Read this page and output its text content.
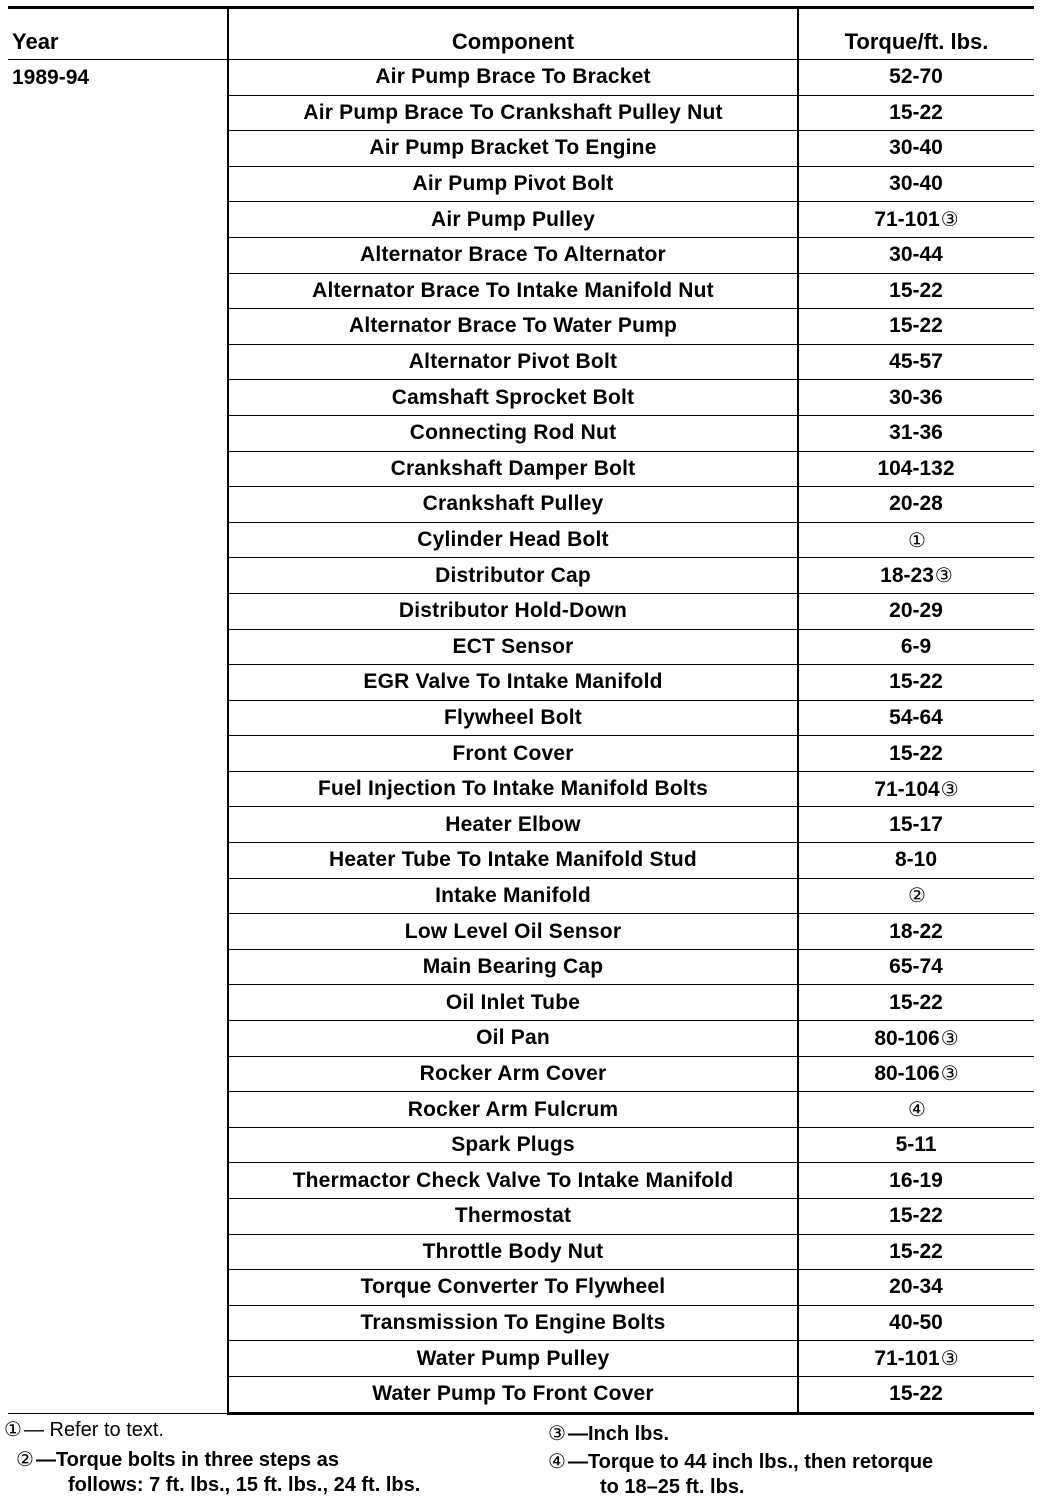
Year	Component	Torque/ft. lbs.
1989-94	Air Pump Brace To Bracket	52-70
	Air Pump Brace To Crankshaft Pulley Nut	15-22
	Air Pump Bracket To Engine	30-40
	Air Pump Pivot Bolt	30-40
	Air Pump Pulley	71-101③
	Alternator Brace To Alternator	30-44
	Alternator Brace To Intake Manifold Nut	15-22
	Alternator Brace To Water Pump	15-22
	Alternator Pivot Bolt	45-57
	Camshaft Sprocket Bolt	30-36
	Connecting Rod Nut	31-36
	Crankshaft Damper Bolt	104-132
	Crankshaft Pulley	20-28
	Cylinder Head Bolt	①
	Distributor Cap	18-23③
	Distributor Hold-Down	20-29
	ECT Sensor	6-9
	EGR Valve To Intake Manifold	15-22
	Flywheel Bolt	54-64
	Front Cover	15-22
	Fuel Injection To Intake Manifold Bolts	71-104③
	Heater Elbow	15-17
	Heater Tube To Intake Manifold Stud	8-10
	Intake Manifold	②
	Low Level Oil Sensor	18-22
	Main Bearing Cap	65-74
	Oil Inlet Tube	15-22
	Oil Pan	80-106③
	Rocker Arm Cover	80-106③
	Rocker Arm Fulcrum	④
	Spark Plugs	5-11
	Thermactor Check Valve To Intake Manifold	16-19
	Thermostat	15-22
	Throttle Body Nut	15-22
	Torque Converter To Flywheel	20-34
	Transmission To Engine Bolts	40-50
	Water Pump Pulley	71-101③
	Water Pump To Front Cover	15-22
① — Refer to text.
② —Torque bolts in three steps as
follows: 7 ft. lbs., 15 ft. lbs., 24 ft. lbs.
③ —Inch lbs.
④ —Torque to 44 inch lbs., then retorque
to 18–25 ft. lbs.
